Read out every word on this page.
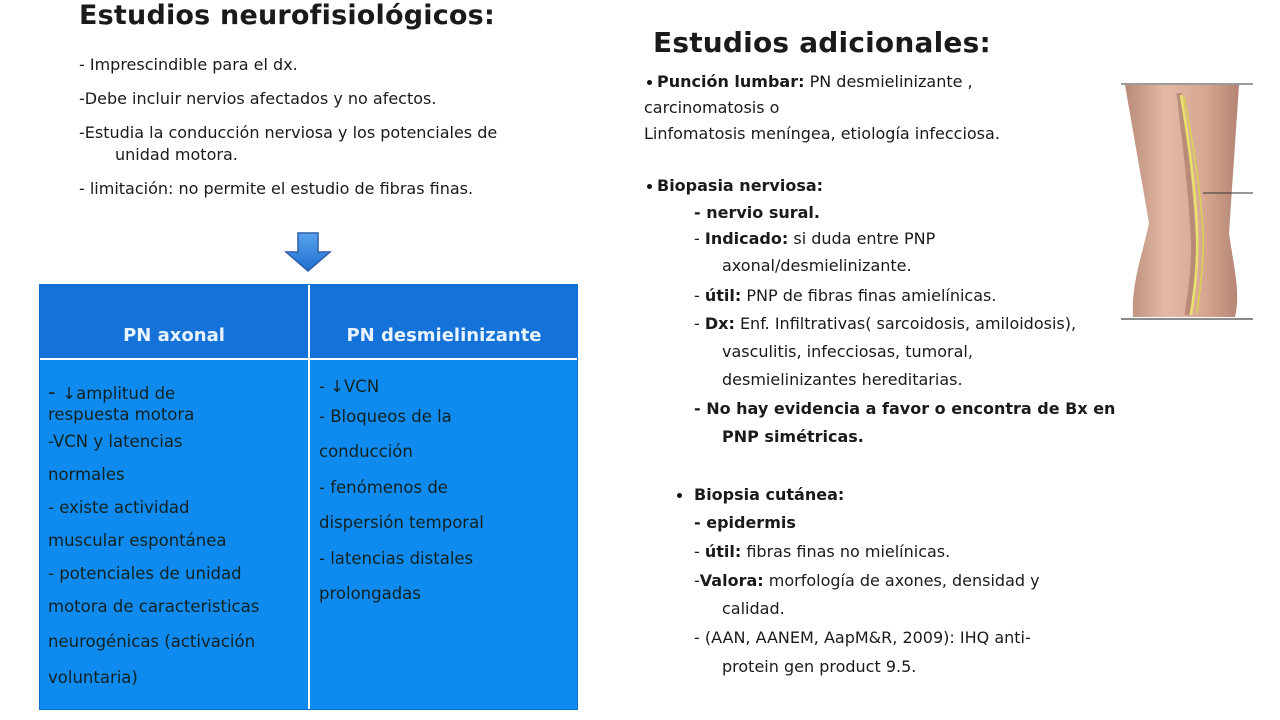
Estudios neurofisiológicos:

- Imprescindible para el dx.

-Debe incluir nervios afectados y no afectos.

-Estudia la conducción nerviosa y los potenciales de

unidad motora.

- limitación: no permite el estudio de fibras finas.

PN axonal	PN desmielinizante

- ↓amplitud de

respuesta motora

-VCN y latencias

normales

- existe actividad

muscular espontánea

- potenciales de unidad

motora de caracteristicas

neurogénicas (activación

voluntaria)

- ↓VCN

- Bloqueos de la

conducción

- fenómenos de

dispersión temporal

- latencias distales

prolongadas

Estudios adicionales:

Punción lumbar: PN desmielinizante ,

carcinomatosis o

Linfomatosis meníngea, etiología infecciosa.

Biopasia nerviosa:

- nervio sural.

- Indicado: si duda entre PNP

axonal/desmielinizante.

- útil: PNP de fibras finas amielínicas.

- Dx: Enf. Infiltrativas( sarcoidosis, amiloidosis),

vasculitis, infecciosas, tumoral,

desmielinizantes hereditarias.

- No hay evidencia a favor o encontra de Bx en

PNP simétricas.

Biopsia cutánea:

- epidermis

- útil: fibras finas no mielínicas.

-Valora: morfología de axones, densidad y

calidad.

- (AAN, AANEM, AapM&R, 2009): IHQ anti-

protein gen product 9.5.
